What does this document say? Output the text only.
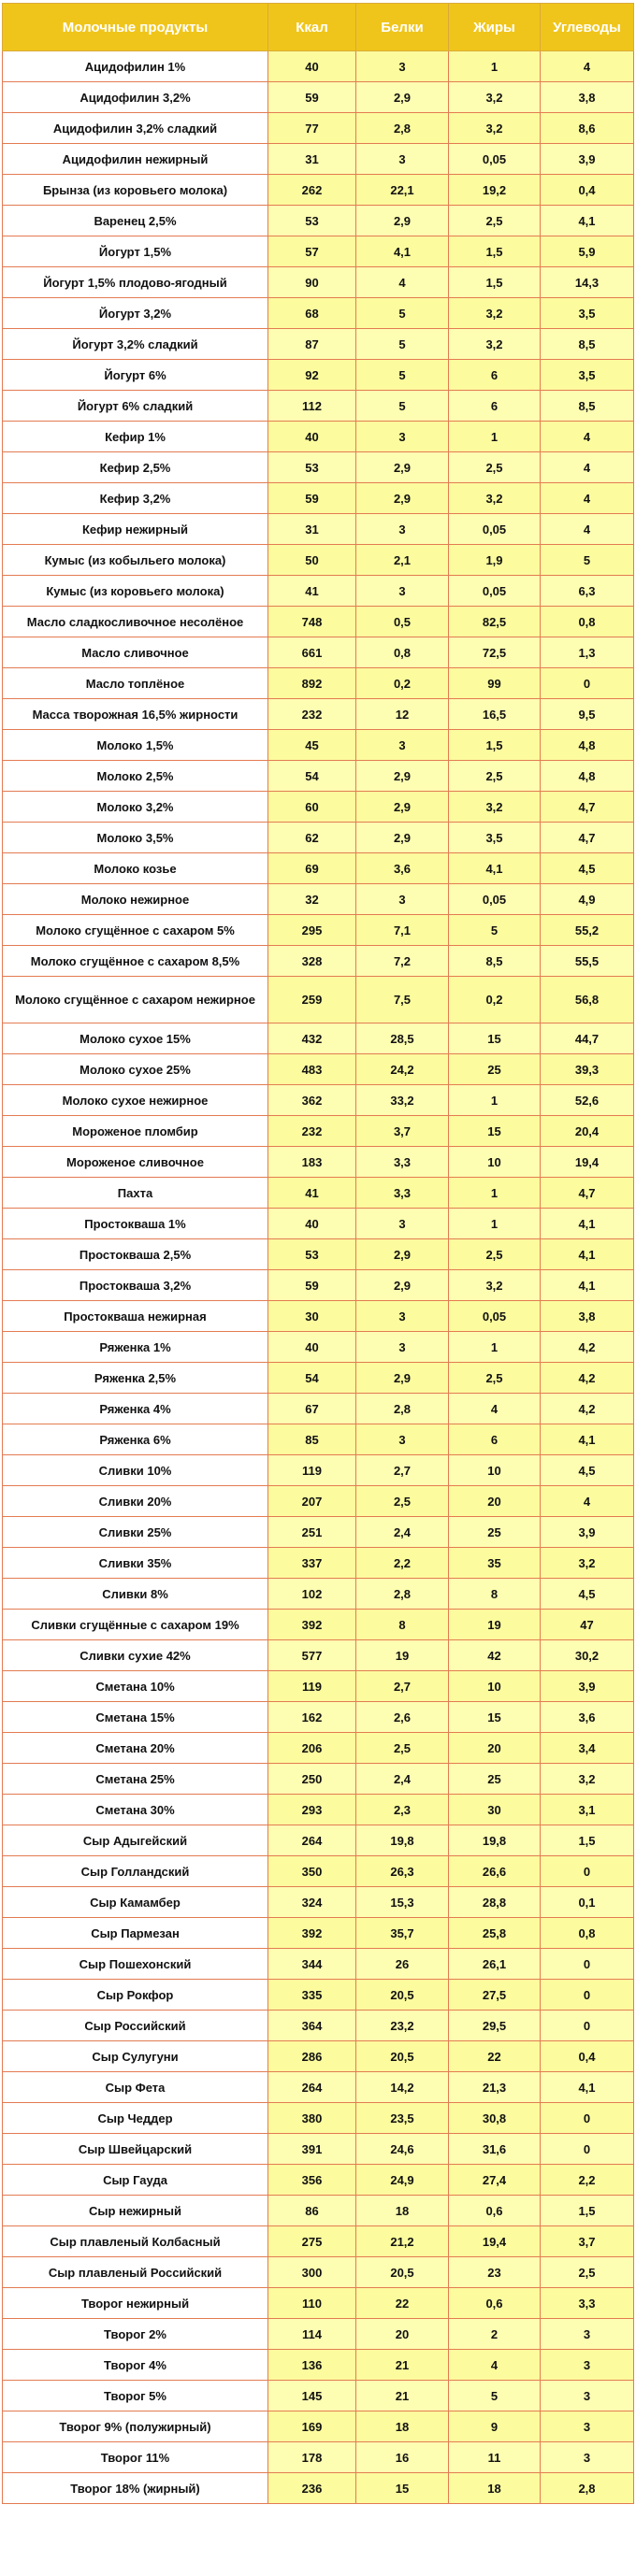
Молочные продукты	Ккал	Белки	Жиры	Углеводы
Ацидофилин 1%	40	3	1	4
Ацидофилин 3,2%	59	2,9	3,2	3,8
Ацидофилин 3,2% сладкий	77	2,8	3,2	8,6
Ацидофилин нежирный	31	3	0,05	3,9
Брынза (из коровьего молока)	262	22,1	19,2	0,4
Варенец 2,5%	53	2,9	2,5	4,1
Йогурт 1,5%	57	4,1	1,5	5,9
Йогурт 1,5% плодово-ягодный	90	4	1,5	14,3
Йогурт 3,2%	68	5	3,2	3,5
Йогурт 3,2% сладкий	87	5	3,2	8,5
Йогурт 6%	92	5	6	3,5
Йогурт 6% сладкий	112	5	6	8,5
Кефир 1%	40	3	1	4
Кефир 2,5%	53	2,9	2,5	4
Кефир 3,2%	59	2,9	3,2	4
Кефир нежирный	31	3	0,05	4
Кумыс (из кобыльего молока)	50	2,1	1,9	5
Кумыс (из коровьего молока)	41	3	0,05	6,3
Масло сладкосливочное несолёное	748	0,5	82,5	0,8
Масло сливочное	661	0,8	72,5	1,3
Масло топлёное	892	0,2	99	0
Масса творожная 16,5% жирности	232	12	16,5	9,5
Молоко 1,5%	45	3	1,5	4,8
Молоко 2,5%	54	2,9	2,5	4,8
Молоко 3,2%	60	2,9	3,2	4,7
Молоко 3,5%	62	2,9	3,5	4,7
Молоко козье	69	3,6	4,1	4,5
Молоко нежирное	32	3	0,05	4,9
Молоко сгущённое с сахаром 5%	295	7,1	5	55,2
Молоко сгущённое с сахаром 8,5%	328	7,2	8,5	55,5
Молоко сгущённое с сахаром нежирное	259	7,5	0,2	56,8
Молоко сухое 15%	432	28,5	15	44,7
Молоко сухое 25%	483	24,2	25	39,3
Молоко сухое нежирное	362	33,2	1	52,6
Мороженое пломбир	232	3,7	15	20,4
Мороженое сливочное	183	3,3	10	19,4
Пахта	41	3,3	1	4,7
Простокваша 1%	40	3	1	4,1
Простокваша 2,5%	53	2,9	2,5	4,1
Простокваша 3,2%	59	2,9	3,2	4,1
Простокваша нежирная	30	3	0,05	3,8
Ряженка 1%	40	3	1	4,2
Ряженка 2,5%	54	2,9	2,5	4,2
Ряженка 4%	67	2,8	4	4,2
Ряженка 6%	85	3	6	4,1
Сливки 10%	119	2,7	10	4,5
Сливки 20%	207	2,5	20	4
Сливки 25%	251	2,4	25	3,9
Сливки 35%	337	2,2	35	3,2
Сливки 8%	102	2,8	8	4,5
Сливки сгущённые с сахаром 19%	392	8	19	47
Сливки сухие 42%	577	19	42	30,2
Сметана 10%	119	2,7	10	3,9
Сметана 15%	162	2,6	15	3,6
Сметана 20%	206	2,5	20	3,4
Сметана 25%	250	2,4	25	3,2
Сметана 30%	293	2,3	30	3,1
Сыр Адыгейский	264	19,8	19,8	1,5
Сыр Голландский	350	26,3	26,6	0
Сыр Камамбер	324	15,3	28,8	0,1
Сыр Пармезан	392	35,7	25,8	0,8
Сыр Пошехонский	344	26	26,1	0
Сыр Рокфор	335	20,5	27,5	0
Сыр Российский	364	23,2	29,5	0
Сыр Сулугуни	286	20,5	22	0,4
Сыр Фета	264	14,2	21,3	4,1
Сыр Чеддер	380	23,5	30,8	0
Сыр Швейцарский	391	24,6	31,6	0
Сыр Гауда	356	24,9	27,4	2,2
Сыр нежирный	86	18	0,6	1,5
Сыр плавленый Колбасный	275	21,2	19,4	3,7
Сыр плавленый Российский	300	20,5	23	2,5
Творог нежирный	110	22	0,6	3,3
Творог 2%	114	20	2	3
Творог 4%	136	21	4	3
Творог 5%	145	21	5	3
Творог 9% (полужирный)	169	18	9	3
Творог 11%	178	16	11	3
Творог 18% (жирный)	236	15	18	2,8
